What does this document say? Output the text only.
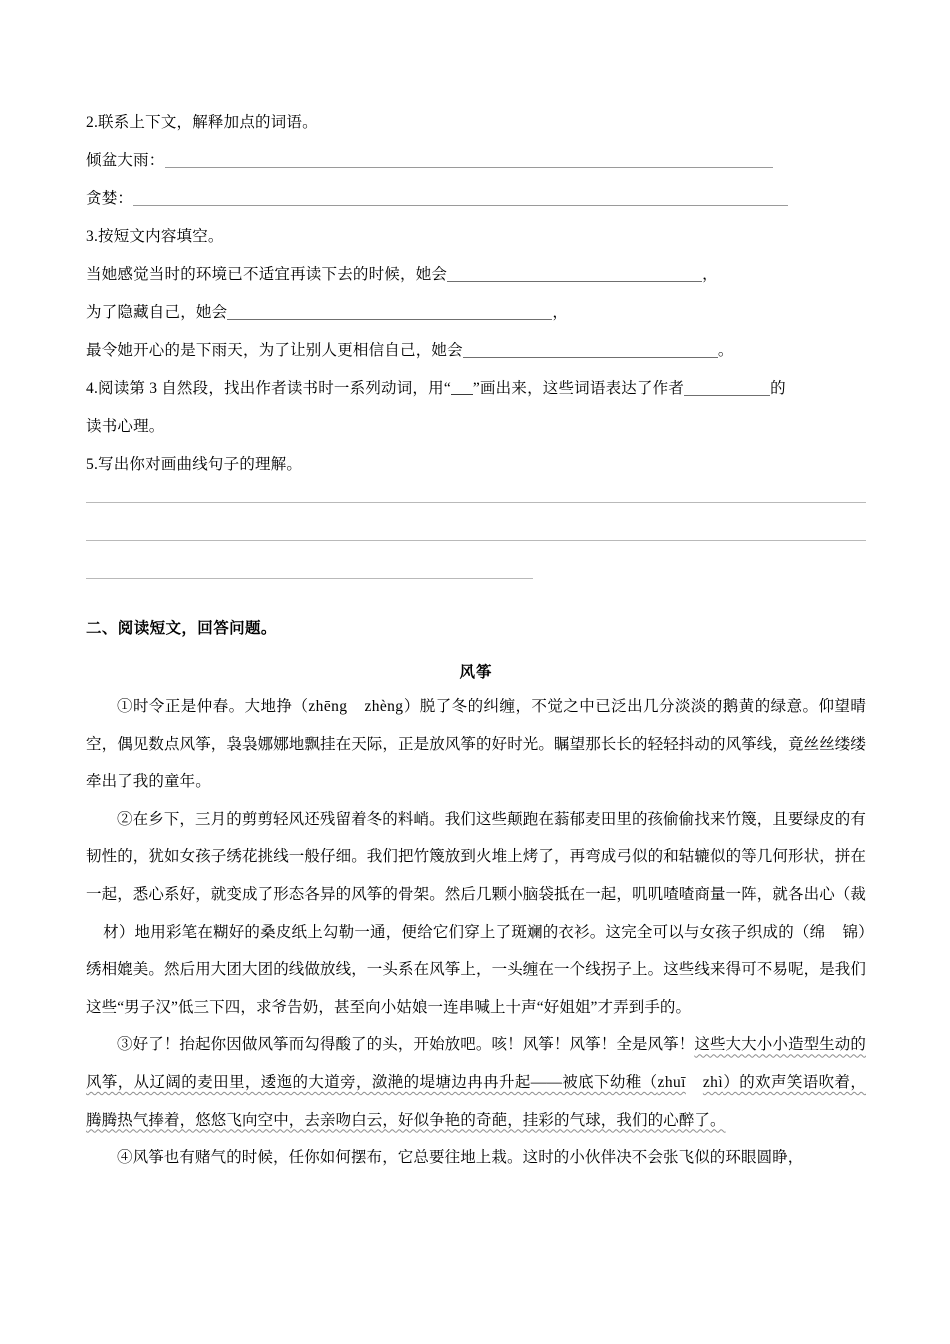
2.联系上下文，解释加点的词语。
倾盆大雨：
贪婪：
3.按短文内容填空。
当她感觉当时的环境已不适宜再读下去的时候，她会	，
为了隐藏自己，她会	，
最令她开心的是下雨天，为了让别人更相信自己，她会	。
4.阅读第 3 自然段，找出作者读书时一系列动词，用“ ”画出来，这些词语表达了作者	的
读书心理。
5.写出你对画曲线句子的理解。
二、阅读短文，回答问题。
风筝

①时令正是仲春。大地挣（zhēng zhèng）脱了冬的纠缠，不觉之中已泛出几分淡淡的鹅黄的绿意。仰望晴空，偶见数点风筝，袅袅娜娜地飘挂在天际，正是放风筝的好时光。瞩望那长长的轻轻抖动的风筝线，竟丝丝缕缕牵出了我的童年。

②在乡下，三月的剪剪轻风还残留着冬的料峭。我们这些颠跑在蓊郁麦田里的孩偷偷找来竹篾，且要绿皮的有韧性的，犹如女孩子绣花挑线一般仔细。我们把竹篾放到火堆上烤了，再弯成弓似的和轱辘似的等几何形状，拼在一起，悉心系好，就变成了形态各异的风筝的骨架。然后几颗小脑袋抵在一起，叽叽喳喳商量一阵，就各出心（裁材）地用彩笔在糊好的桑皮纸上勾勒一通，便给它们穿上了斑斓的衣衫。这完全可以与女孩子织成的（绵 锦）绣相媲美。然后用大团大团的线做放线，一头系在风筝上，一头缠在一个线拐子上。这些线来得可不易呢，是我们这些“男子汉”低三下四，求爷告奶，甚至向小姑娘一连串喊上十声“好姐姐”才弄到手的。

③好了！抬起你因做风筝而勾得酸了的头，开始放吧。咳！风筝！风筝！全是风筝！这些大大小小造型生动的风筝，从辽阔的麦田里，逶迤的大道旁，潋滟的堤塘边冉冉升起——被底下幼稚（zhuī zhì）的欢声笑语吹着，腾腾热气捧着，悠悠飞向空中，去亲吻白云，好似争艳的奇葩，挂彩的气球，我们的心醉了。

④风筝也有赌气的时候，任你如何摆布，它总要往地上栽。这时的小伙伴决不会张飞似的环眼圆睁，
